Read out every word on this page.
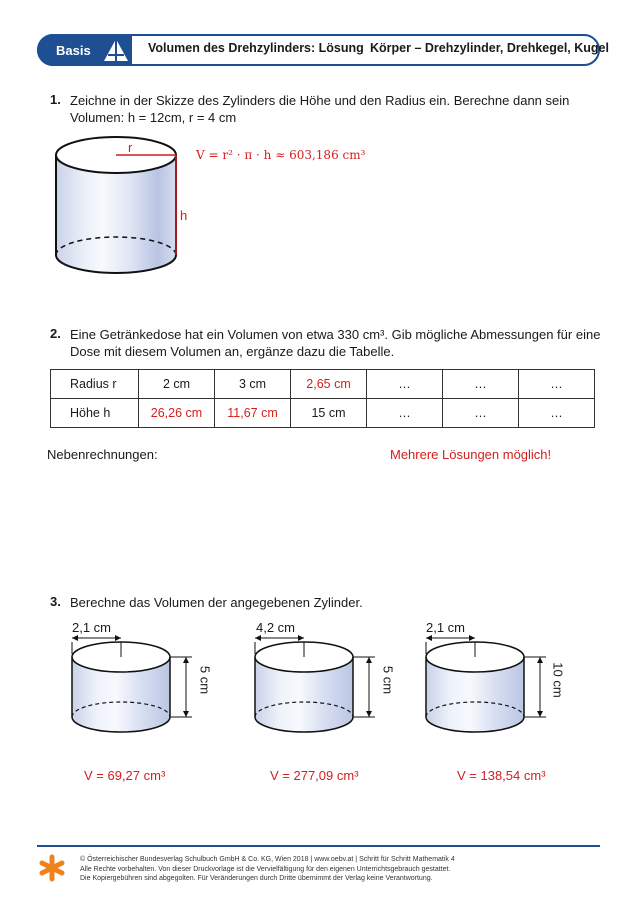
Basis	Volumen des Drehzylinders: Lösung Körper – Drehzylinder, Drehkegel, Kugel
1. Zeichne in der Skizze des Zylinders die Höhe und den Radius ein. Berechne dann sein
Volumen: h = 12cm, r = 4 cm
r
h
V = r² · π · h ≈ 603,186 cm³
2. Eine Getränkedose hat ein Volumen von etwa 330 cm³. Gib mögliche Abmessungen für eine
Dose mit diesem Volumen an, ergänze dazu die Tabelle.
Radius r	2 cm	3 cm	2,65 cm	…	…	…
Höhe h	26,26 cm	11,67 cm	15 cm	…	…	…
Nebenrechnungen:	Mehrere Lösungen möglich!
3. Berechne das Volumen der angegebenen Zylinder.
2,1 cm
5 cm
V = 69,27 cm³
4,2 cm
5 cm
V = 277,09 cm³
2,1 cm
10 cm
V = 138,54 cm³
© Österreichischer Bundesverlag Schulbuch GmbH & Co. KG, Wien 2018 | www.oebv.at | Schritt für Schritt Mathematik 4
Alle Rechte vorbehalten. Von dieser Druckvorlage ist die Vervielfältigung für den eigenen Unterrichtsgebrauch gestattet.
Die Kopiergebühren sind abgegolten. Für Veränderungen durch Dritte übernimmt der Verlag keine Verantwortung.
